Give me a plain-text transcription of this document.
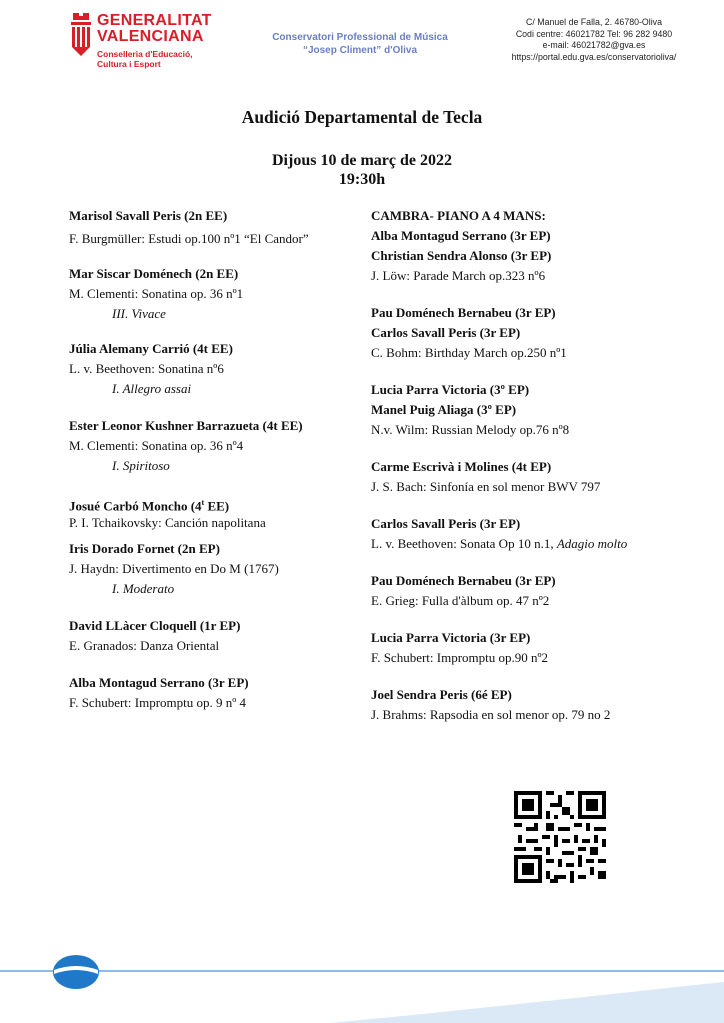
GENERALITAT
VALENCIANA
Conselleria d'Educació,
Cultura i Esport
Conservatori Professional de Música
“Josep Climent” d'Oliva
C/ Manuel de Falla, 2. 46780-Oliva
Codi centre: 46021782 Tel: 96 282 9480
e-mail: 46021782@gva.es
https://portal.edu.gva.es/conservatorioliva/
Audició Departamental de Tecla
Dijous 10 de març de 2022
19:30h
Marisol Savall Peris (2n EE)
F. Burgmüller: Estudi op.100 nº1 “El Candor”
Mar Siscar Doménech (2n EE)
M. Clementi: Sonatina op. 36 nº1
III. Vivace
Júlia Alemany Carrió (4t EE)
L. v. Beethoven: Sonatina nº6
I. Allegro assai
Ester Leonor Kushner Barrazueta (4t EE)
M. Clementi: Sonatina op. 36 nº4
I. Spiritoso
Josué Carbó Moncho (4$^t$ EE)
P. I. Tchaikovsky: Canción napolitana
Iris Dorado Fornet (2n EP)
J. Haydn: Divertimento en Do M (1767)
I. Moderato
David LLàcer Cloquell (1r EP)
E. Granados: Danza Oriental
Alba Montagud Serrano (3r EP)
F. Schubert: Impromptu op. 9 nº 4
CAMBRA- PIANO A 4 MANS:
Alba Montagud Serrano (3r EP)
Christian Sendra Alonso (3r EP)
J. Löw: Parade March op.323 nº6
Pau Doménech Bernabeu (3r EP)
Carlos Savall Peris (3r EP)
C. Bohm: Birthday March op.250 nº1
Lucia Parra Victoria (3º EP)
Manel Puig Aliaga (3º EP)
N.v. Wilm: Russian Melody op.76 nº8
Carme Escrivà i Molines (4t EP)
J. S. Bach: Sinfonía en sol menor BWV 797
Carlos Savall Peris (3r EP)
L. v. Beethoven: Sonata Op 10 n.1, Adagio molto
Pau Doménech Bernabeu (3r EP)
E. Grieg: Fulla d'àlbum op. 47 nº2
Lucia Parra Victoria (3r EP)
F. Schubert: Impromptu op.90 nº2
Joel Sendra Peris (6é EP)
J. Brahms: Rapsodia en sol menor op. 79 no 2
